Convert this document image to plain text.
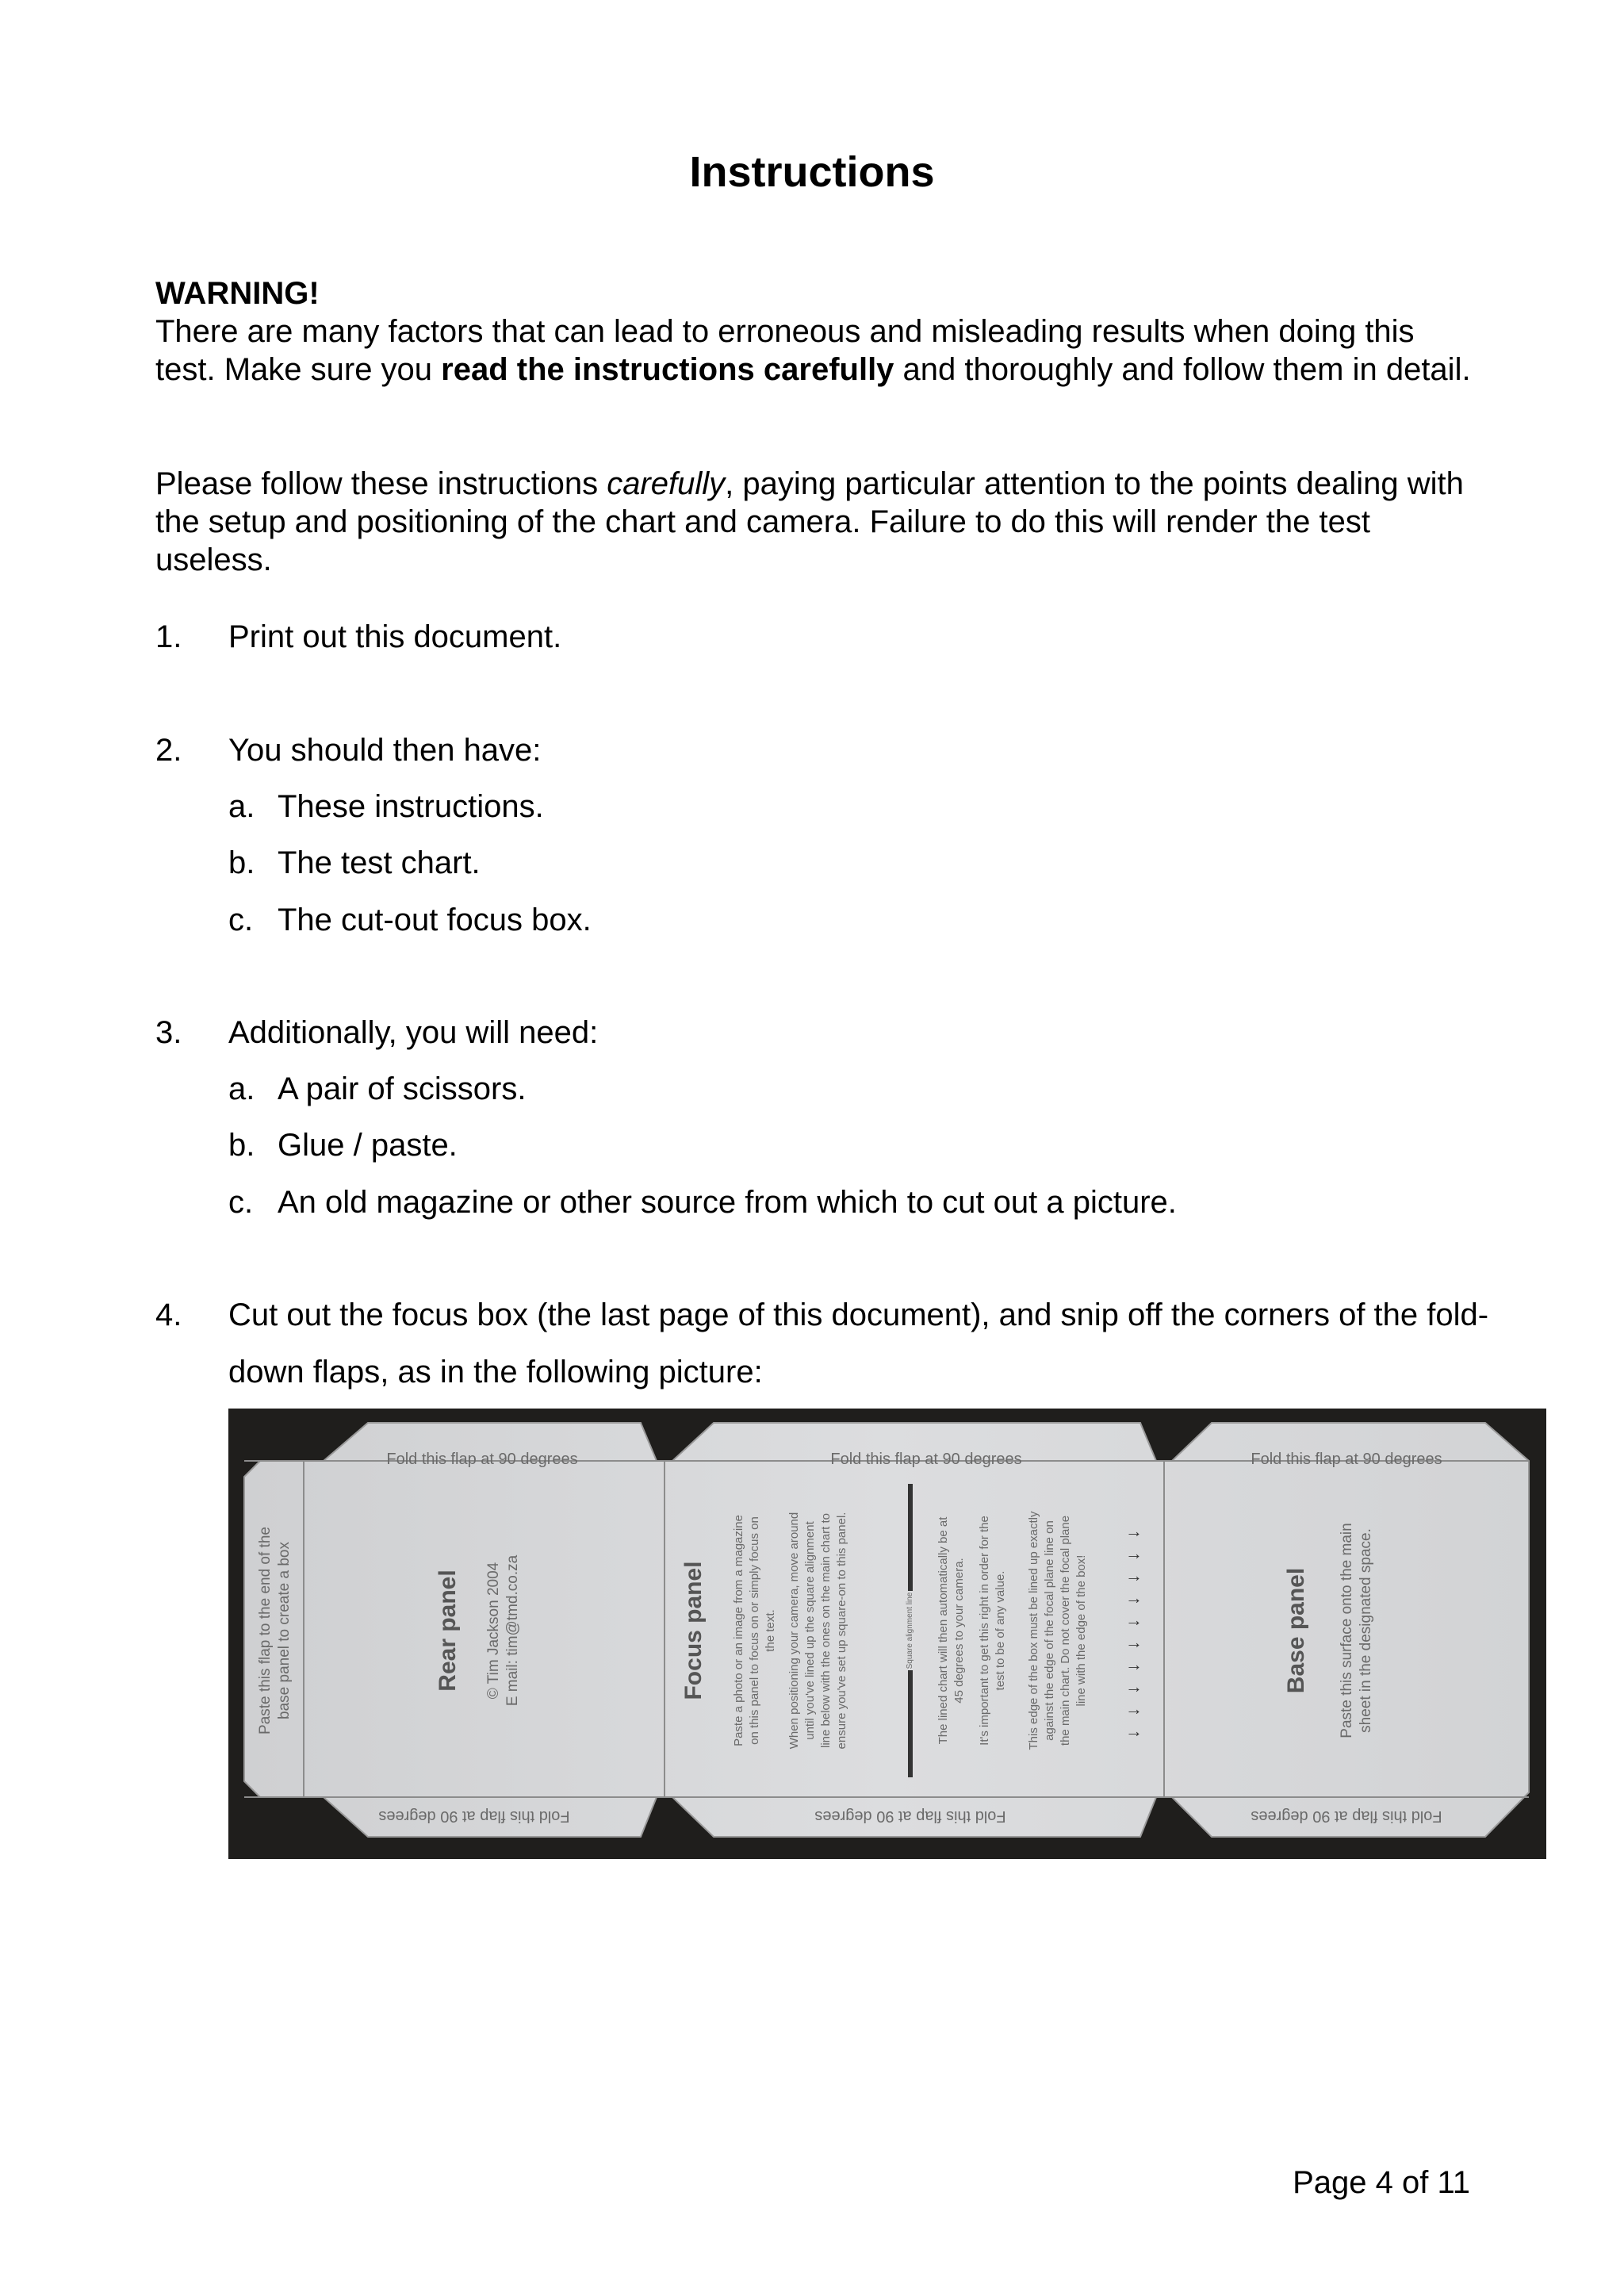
Instructions
WARNING!
There are many factors that can lead to erroneous and misleading results when doing this test. Make sure you read the instructions carefully and thoroughly and follow them in detail.
Please follow these instructions carefully, paying particular attention to the points dealing with the setup and positioning of the chart and camera. Failure to do this will render the test useless.
1. Print out this document.
2. You should then have:
a. These instructions.
b. The test chart.
c. The cut-out focus box.
3. Additionally, you will need:
a. A pair of scissors.
b. Glue / paste.
c. An old magazine or other source from which to cut out a picture.
4. Cut out the focus box (the last page of this document), and snip off the corners of the fold-down flaps, as in the following picture:
Fold this flap at 90 degrees	Fold this flap at 90 degrees	Fold this flap at 90 degrees
Fold this flap at 90 degrees	Fold this flap at 90 degrees	Fold this flap at 90 degrees
Paste this flap to the end of the base panel to create a box	Rear panel © Tim Jackson 2004 E mail: tim@tmd.co.za	Focus panel Paste a photo or an image from a magazine on this panel to focus on or simply focus on the text. When positioning your camera, move around until you've lined up the square alignment line below with the ones on the main chart to ensure you've set up square-on to this panel.	Square alignment line The lined chart will then automatically be at 45 degrees to your camera. It's important to get this right in order for the test to be of any value. This edge of the box must be lined up exactly against the edge of the focal plane line on the main chart. Do not cover the focal plane line with the edge of the box!
→
→
→
→
→
→
→
→
→
→
Base panel Paste this surface onto the main sheet in the designated space.
Page 4 of 11
